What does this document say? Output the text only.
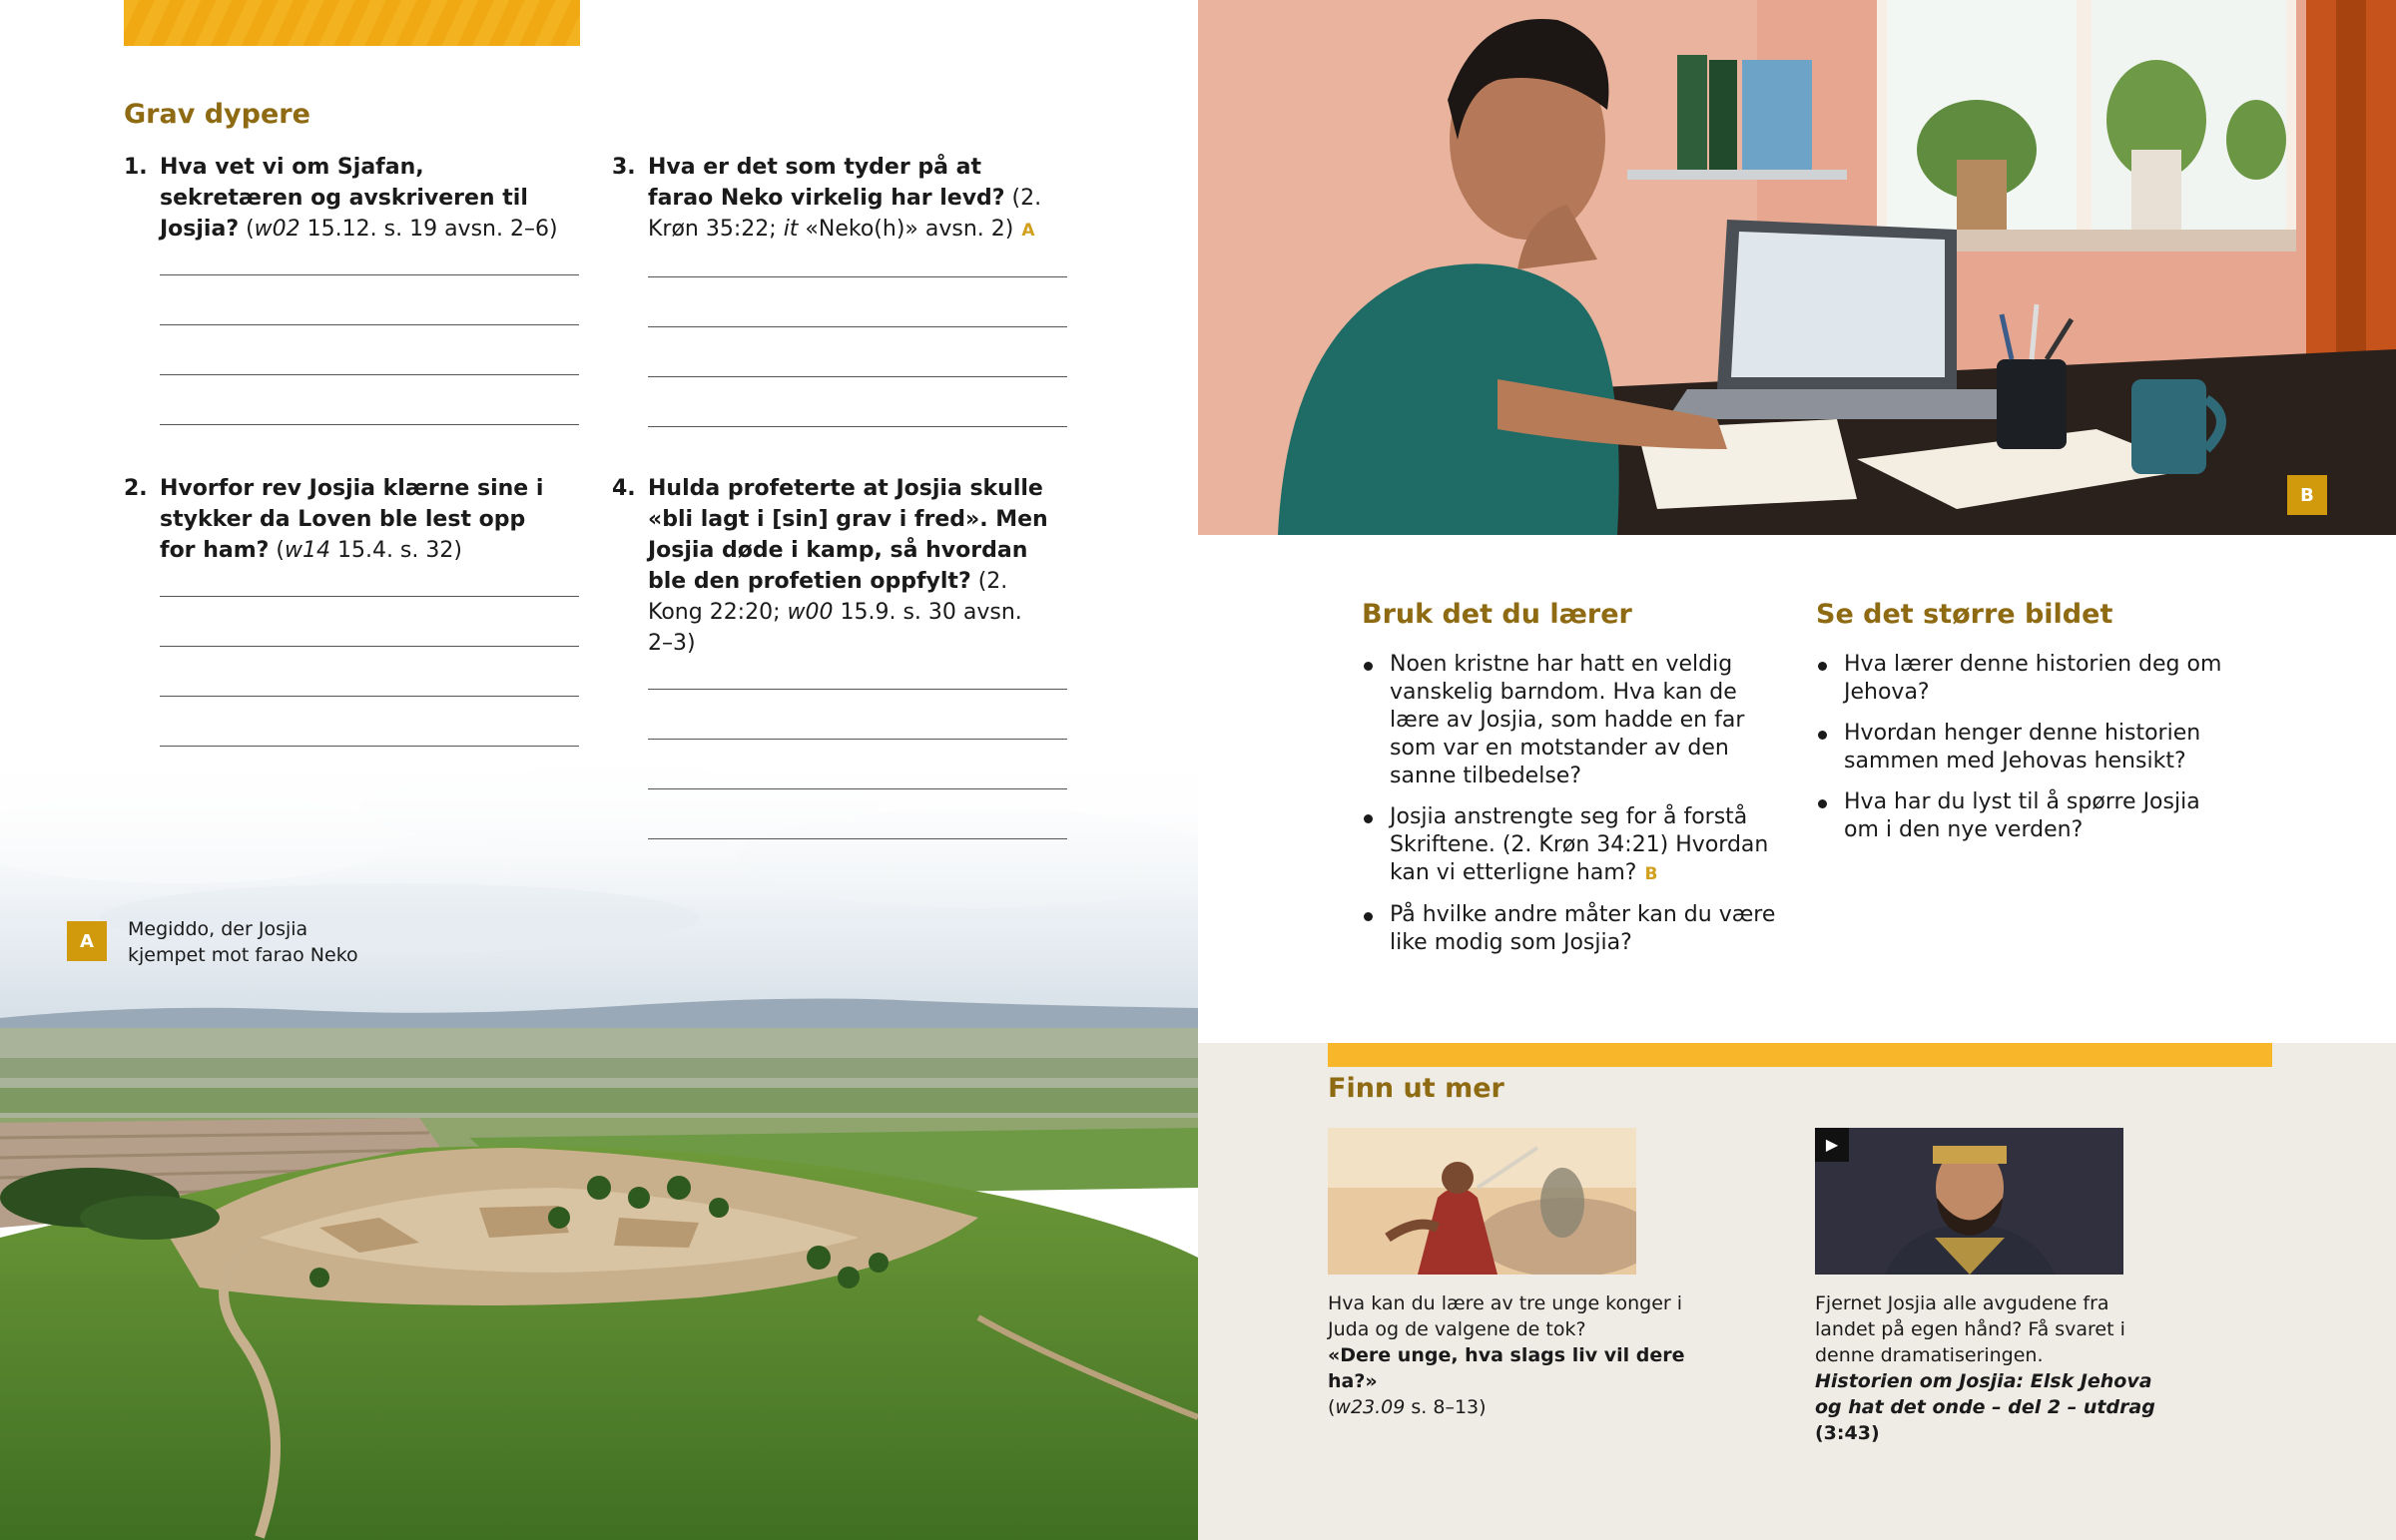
Grav dypere
1. Hva vet vi om Sjafan, sekretæren og avskriveren til Josjia? (w02 15.12. s. 19 avsn. 2–6)
2. Hvorfor rev Josjia klærne sine i stykker da Loven ble lest opp for ham? (w14 15.4. s. 32)
3. Hva er det som tyder på at farao Neko virkelig har levd? (2. Krøn 35:22; it «Neko(h)» avsn. 2) A
4. Hulda profeterte at Josjia skulle «bli lagt i [sin] grav i fred». Men Josjia døde i kamp, så hvordan ble den profetien oppfylt? (2. Kong 22:20; w00 15.9. s. 30 avsn. 2–3)
A

Megiddo, der Josjia kjempet mot farao Neko

B
Bruk det du lærer
Noen kristne har hatt en veldig vanskelig barndom. Hva kan de lære av Josjia, som hadde en far som var en motstander av den sanne tilbedelse?
Josjia anstrengte seg for å forstå Skriftene. (2. Krøn 34:21) Hvordan kan vi etterligne ham? B
På hvilke andre måter kan du være like modig som Josjia?
Se det større bildet
Hva lærer denne historien deg om Jehova?
Hvordan henger denne historien sammen med Jehovas hensikt?
Hva har du lyst til å spørre Josjia om i den nye verden?
Finn ut mer

Hva kan du lære av tre unge konger i Juda og de valgene de tok?

«Dere unge, hva slags liv vil dere ha?»

(w23.09 s. 8–13)

▶

Fjernet Josjia alle avgudene fra landet på egen hånd? Få svaret i denne dramatiseringen.

Historien om Josjia: Elsk Jehova og hat det onde – del 2 – utdrag (3:43)
